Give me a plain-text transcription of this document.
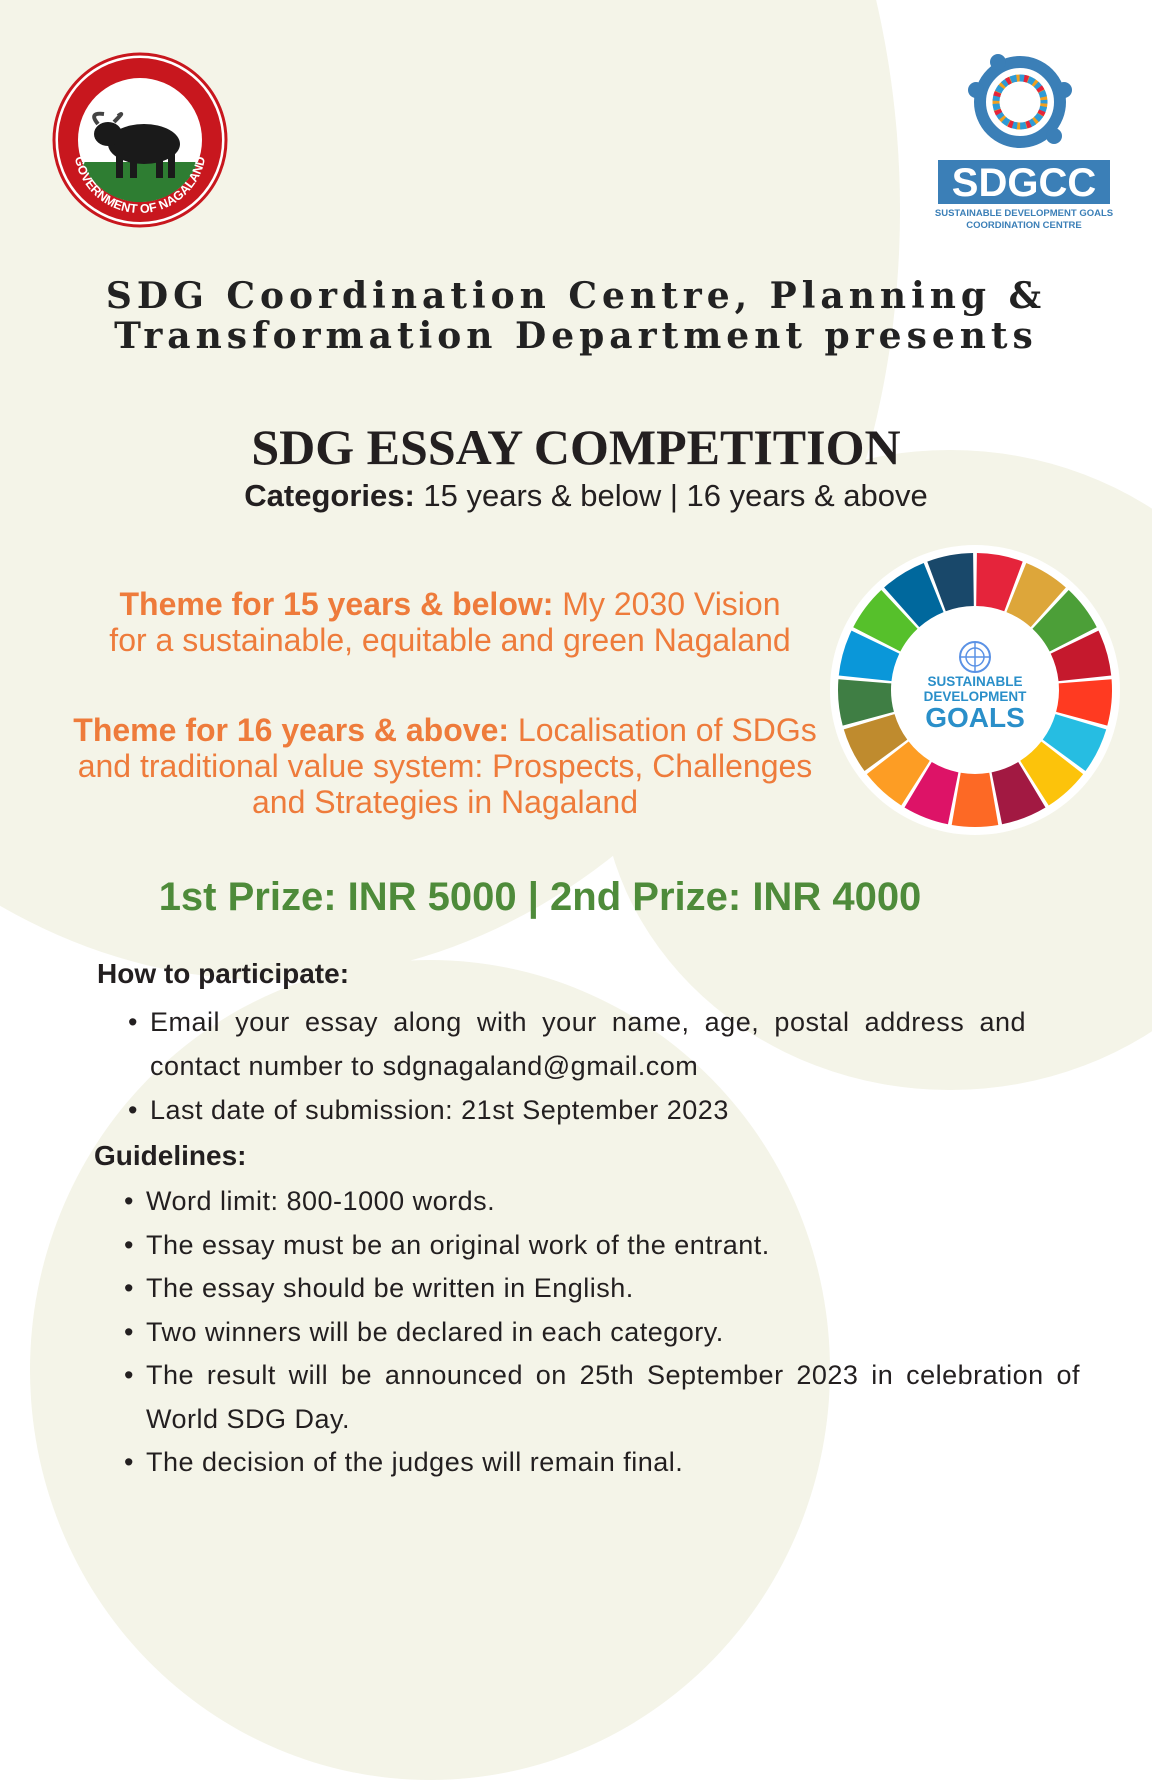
UNITY
GOVERNMENT OF NAGALAND	SDGCC
SUSTAINABLE DEVELOPMENT GOALS
COORDINATION CENTRE
SDG Coordination Centre, Planning &
Transformation Department presents
SDG ESSAY COMPETITION
Categories: 15 years & below | 16 years & above
Theme for 15 years & below: My 2030 Vision for a sustainable, equitable and green Nagaland
Theme for 16 years & above: Localisation of SDGs and traditional value system: Prospects, Challenges and Strategies in Nagaland
SUSTAINABLE
DEVELOPMENT
GOALS
1st Prize: INR 5000 | 2nd Prize: INR 4000
How to participate:
• Email your essay along with your name, age, postal address and contact number to sdgnagaland@gmail.com
• Last date of submission: 21st September 2023
Guidelines:
• Word limit: 800-1000 words.
• The essay must be an original work of the entrant.
• The essay should be written in English.
• Two winners will be declared in each category.
• The result will be announced on 25th September 2023 in celebration of World SDG Day.
• The decision of the judges will remain final.
